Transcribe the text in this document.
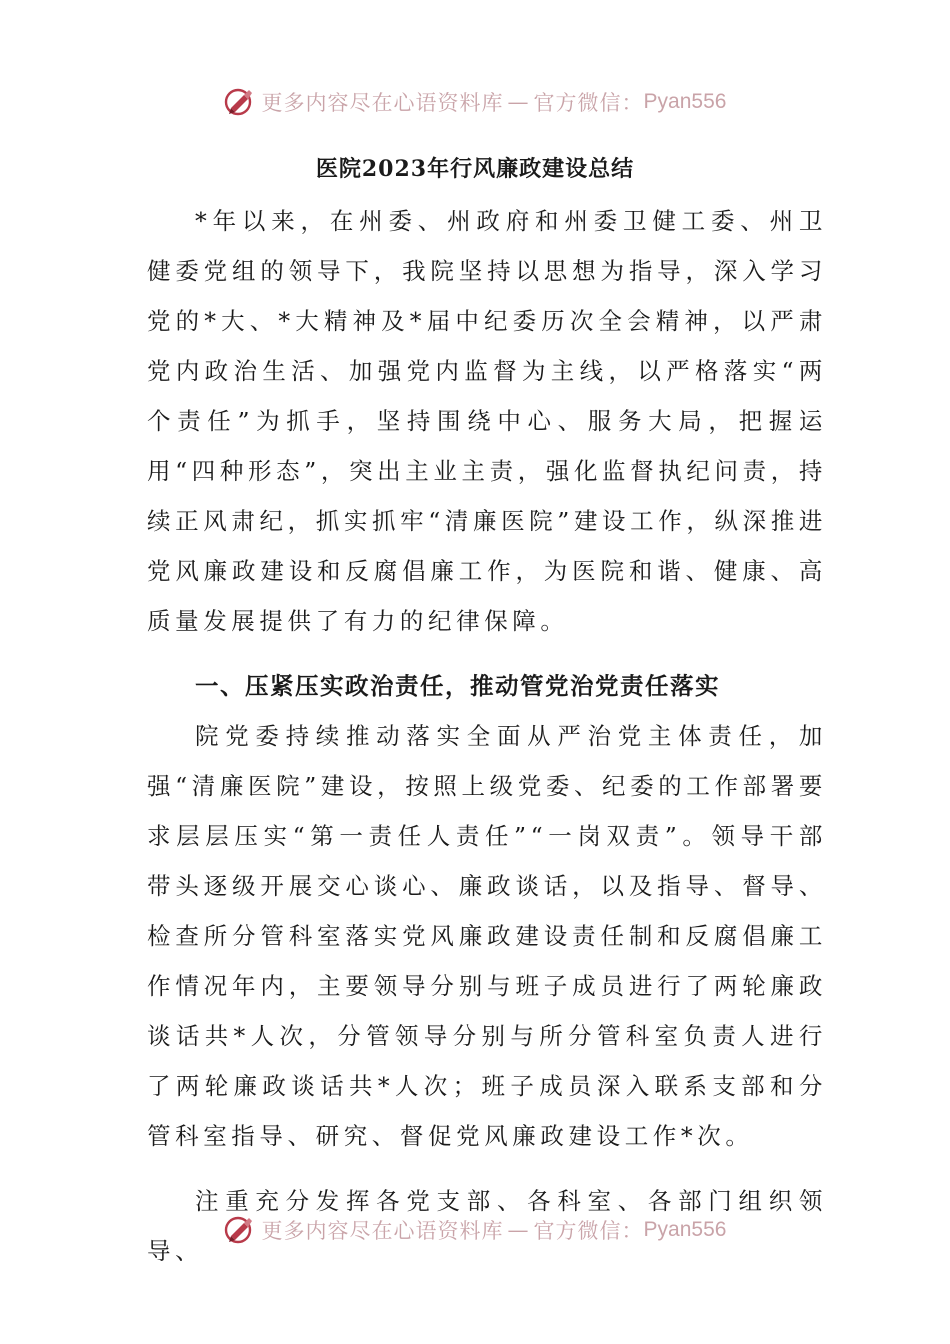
更多内容尽在心语资料库 — 官方微信： Pyan556
医院2023年行风廉政建设总结

*年以来，在州委、州政府和州委卫健工委、州卫健委党组的领导下，我院坚持以思想为指导，深入学习党的*大、*大精神及*届中纪委历次全会精神，以严肃党内政治生活、加强党内监督为主线，以严格落实“两个责任”为抓手，坚持围绕中心、服务大局，把握运用“四种形态”，突出主业主责，强化监督执纪问责，持续正风肃纪，抓实抓牢“清廉医院”建设工作，纵深推进党风廉政建设和反腐倡廉工作，为医院和谐、健康、高质量发展提供了有力的纪律保障。

一、压紧压实政治责任，推动管党治党责任落实

院党委持续推动落实全面从严治党主体责任，加强“清廉医院”建设，按照上级党委、纪委的工作部署要求层层压实“第一责任人责任”“一岗双责”。领导干部带头逐级开展交心谈心、廉政谈话，以及指导、督导、检查所分管科室落实党风廉政建设责任制和反腐倡廉工作情况年内，主要领导分别与班子成员进行了两轮廉政谈话共*人次，分管领导分别与所分管科室负责人进行了两轮廉政谈话共*人次；班子成员深入联系支部和分管科室指导、研究、督促党风廉政建设工作*次。

注重充分发挥各党支部、各科室、各部门组织领导、

更多内容尽在心语资料库 — 官方微信： Pyan556
